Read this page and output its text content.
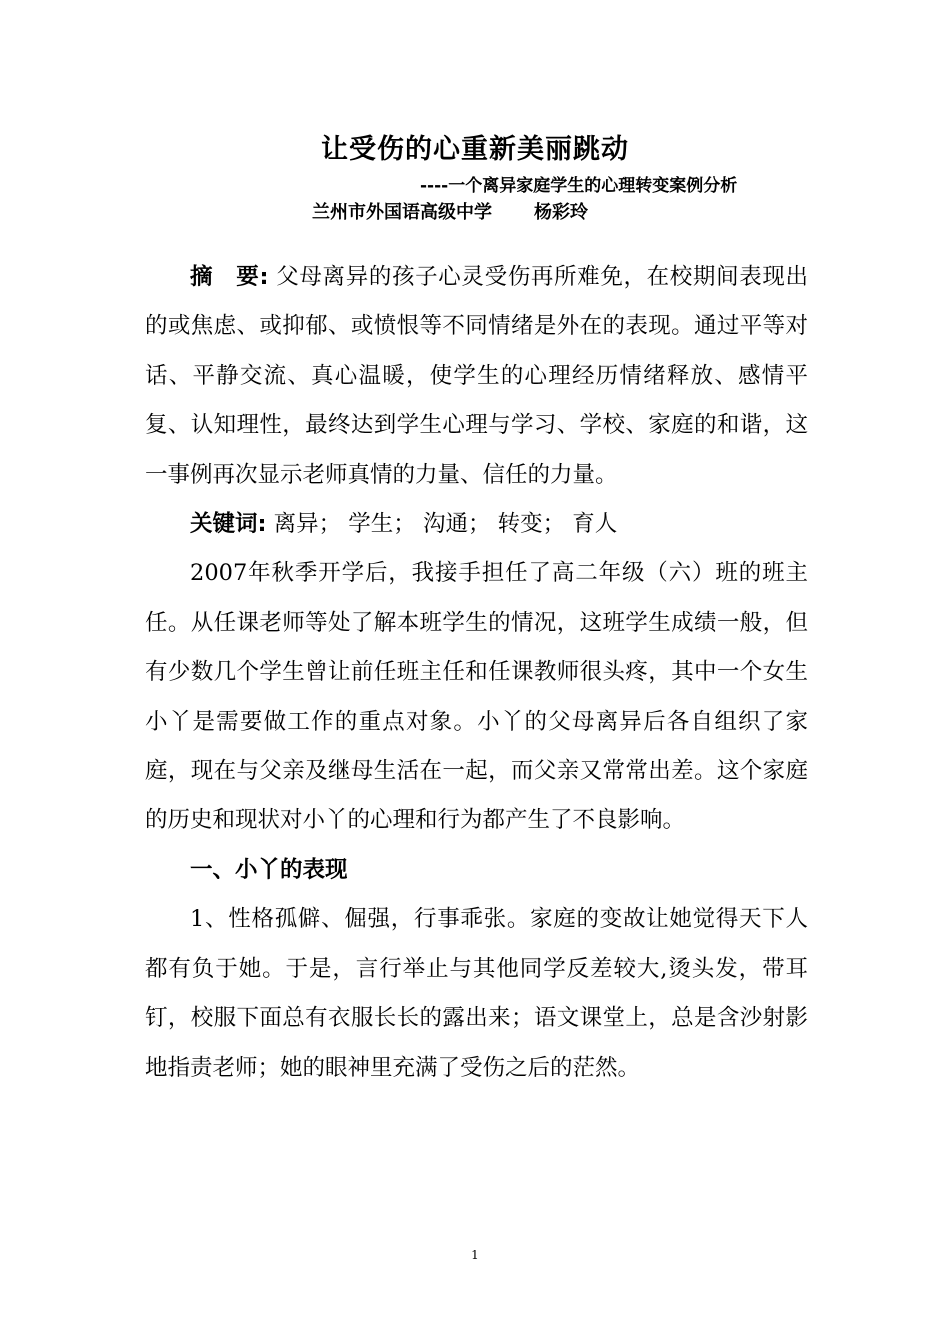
让受伤的心重新美丽跳动
----一个离异家庭学生的心理转变案例分析
兰州市外国语高级中学 杨彩玲

摘　要: 父母离异的孩子心灵受伤再所难免，在校期间表现出的或焦虑、或抑郁、或愤恨等不同情绪是外在的表现。通过平等对话、平静交流、真心温暖，使学生的心理经历情绪释放、感情平复、认知理性，最终达到学生心理与学习、学校、家庭的和谐，这一事例再次显示老师真情的力量、信任的力量。

关键词: 离异； 学生； 沟通； 转变； 育人

2007年秋季开学后，我接手担任了高二年级（六）班的班主任。从任课老师等处了解本班学生的情况，这班学生成绩一般，但有少数几个学生曾让前任班主任和任课教师很头疼，其中一个女生小丫是需要做工作的重点对象。小丫的父母离异后各自组织了家庭，现在与父亲及继母生活在一起，而父亲又常常出差。这个家庭的历史和现状对小丫的心理和行为都产生了不良影响。

一、小丫的表现

1、性格孤僻、倔强，行事乖张。家庭的变故让她觉得天下人都有负于她。于是，言行举止与其他同学反差较大,烫头发，带耳钉，校服下面总有衣服长长的露出来；语文课堂上，总是含沙射影地指责老师；她的眼神里充满了受伤之后的茫然。

1
